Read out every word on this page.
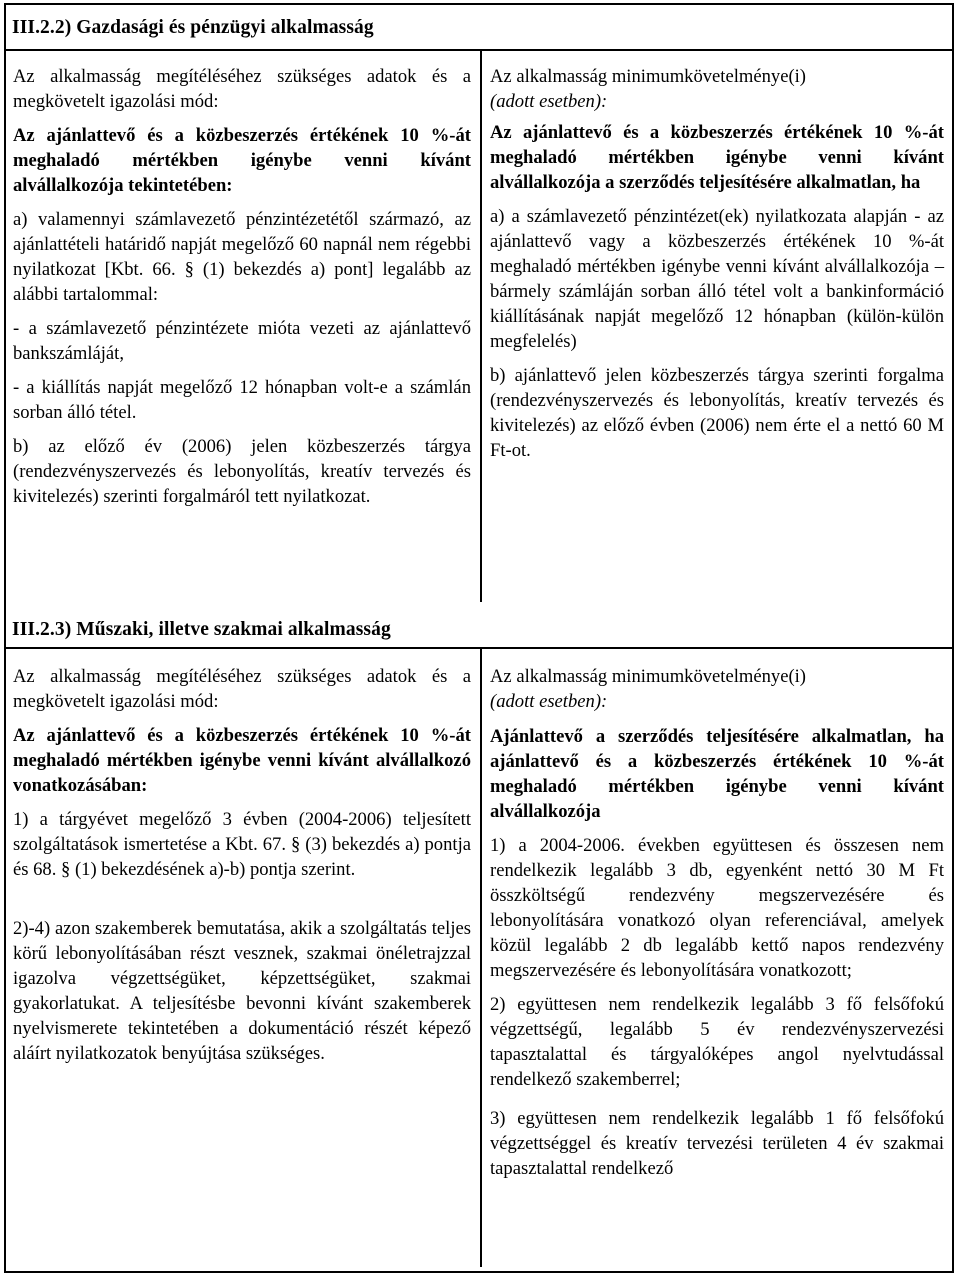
III.2.2) Gazdasági és pénzügyi alkalmasság

Az alkalmasság megítéléséhez szükséges adatok és a megkövetelt igazolási mód:

Az ajánlattevő és a közbeszerzés értékének 10 %-át meghaladó mértékben igénybe venni kívánt alvállalkozója tekintetében:

a) valamennyi számlavezető pénzintézetétől származó, az ajánlattételi határidő napját megelőző 60 napnál nem régebbi nyilatkozat [Kbt. 66. § (1) bekezdés a) pont] legalább az alábbi tartalommal:

- a számlavezető pénzintézete mióta vezeti az ajánlattevő bankszámláját,

- a kiállítás napját megelőző 12 hónapban volt-e a számlán sorban álló tétel.

b) az előző év (2006) jelen közbeszerzés tárgya (rendezvényszervezés és lebonyolítás, kreatív tervezés és kivitelezés) szerinti forgalmáról tett nyilatkozat.

Az alkalmasság minimumkövetelménye(i)
(adott esetben):

Az ajánlattevő és a közbeszerzés értékének 10 %-át meghaladó mértékben igénybe venni kívánt alvállalkozója a szerződés teljesítésére alkalmatlan, ha

a) a számlavezető pénzintézet(ek) nyilatkozata alapján - az ajánlattevő vagy a közbeszerzés értékének 10 %-át meghaladó mértékben igénybe venni kívánt alvállalkozója – bármely számláján sorban álló tétel volt a bankinformáció kiállításának napját megelőző 12 hónapban (külön-külön megfelelés)

b) ajánlattevő jelen közbeszerzés tárgya szerinti forgalma (rendezvényszervezés és lebonyolítás, kreatív tervezés és kivitelezés) az előző évben (2006) nem érte el a nettó 60 M Ft-ot.

III.2.3) Műszaki, illetve szakmai alkalmasság

Az alkalmasság megítéléséhez szükséges adatok és a megkövetelt igazolási mód:

Az ajánlattevő és a közbeszerzés értékének 10 %-át meghaladó mértékben igénybe venni kívánt alvállalkozó vonatkozásában:

1) a tárgyévet megelőző 3 évben (2004-2006) teljesített szolgáltatások ismertetése a Kbt. 67. § (3) bekezdés a) pontja és 68. § (1) bekezdésének a)-b) pontja szerint.

2)-4) azon szakemberek bemutatása, akik a szolgáltatás teljes körű lebonyolításában részt vesznek, szakmai önéletrajzzal igazolva végzettségüket, képzettségüket, szakmai gyakorlatukat. A teljesítésbe bevonni kívánt szakemberek nyelvismerete tekintetében a dokumentáció részét képező aláírt nyilatkozatok benyújtása szükséges.

Az alkalmasság minimumkövetelménye(i)
(adott esetben):

Ajánlattevő a szerződés teljesítésére alkalmatlan, ha ajánlattevő és a közbeszerzés értékének 10 %-át meghaladó mértékben igénybe venni kívánt alvállalkozója

1) a 2004-2006. években együttesen és összesen nem rendelkezik legalább 3 db, egyenként nettó 30 M Ft összköltségű rendezvény megszervezésére és lebonyolítására vonatkozó olyan referenciával, amelyek közül legalább 2 db legalább kettő napos rendezvény megszervezésére és lebonyolítására vonatkozott;

2) együttesen nem rendelkezik legalább 3 fő felsőfokú végzettségű, legalább 5 év rendezvényszervezési tapasztalattal és tárgyalóképes angol nyelvtudással rendelkező szakemberrel;

3) együttesen nem rendelkezik legalább 1 fő felsőfokú végzettséggel és kreatív tervezési területen 4 év szakmai tapasztalattal rendelkező
